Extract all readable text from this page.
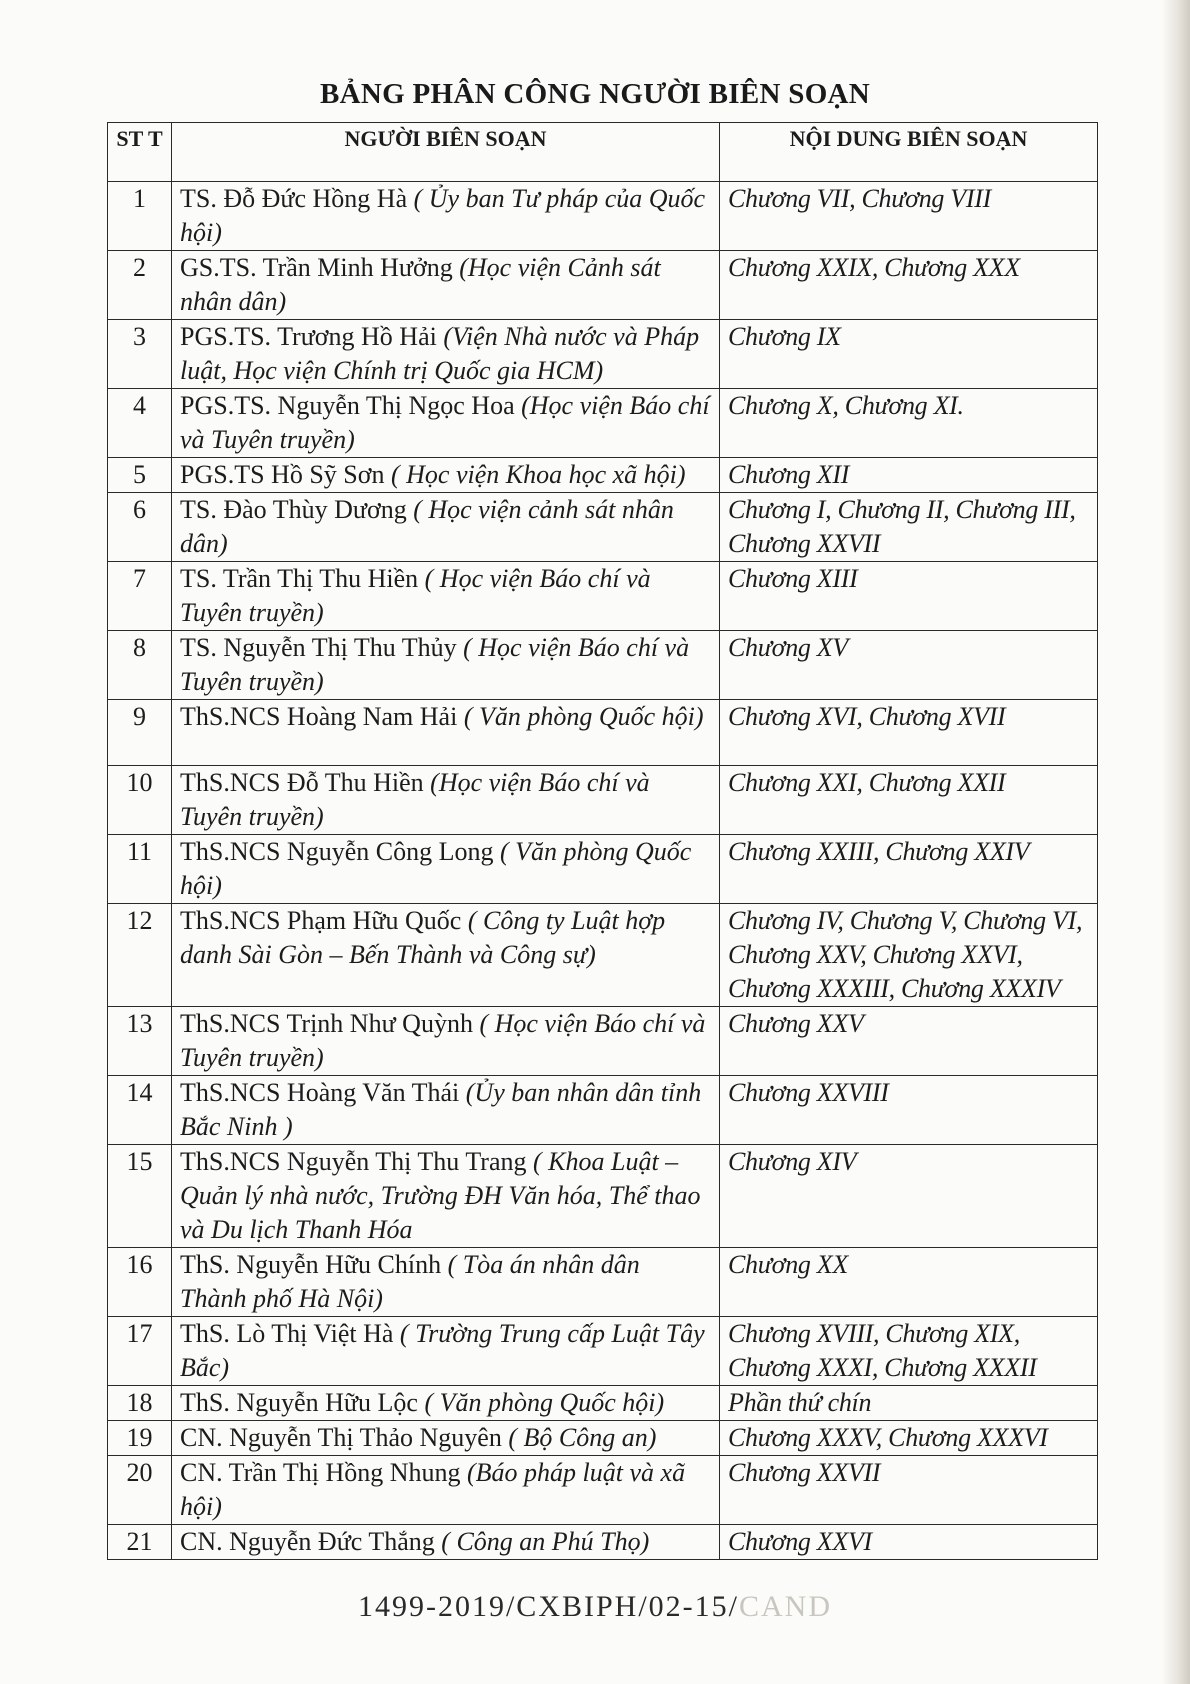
BẢNG PHÂN CÔNG NGƯỜI BIÊN SOẠN
ST T	NGƯỜI BIÊN SOẠN	NỘI DUNG BIÊN SOẠN
1	TS. Đỗ Đức Hồng Hà ( Ủy ban Tư pháp của Quốc hội)	Chương VII, Chương VIII
2	GS.TS. Trần Minh Hưởng (Học viện Cảnh sát nhân dân)	Chương XXIX, Chương XXX
3	PGS.TS. Trương Hồ Hải (Viện Nhà nước và Pháp luật, Học viện Chính trị Quốc gia HCM)	Chương IX
4	PGS.TS. Nguyễn Thị Ngọc Hoa (Học viện Báo chí và Tuyên truyền)	Chương X, Chương XI.
5	PGS.TS Hồ Sỹ Sơn ( Học viện Khoa học xã hội)	Chương XII
6	TS. Đào Thùy Dương ( Học viện cảnh sát nhân dân)	Chương I, Chương II, Chương III, Chương XXVII
7	TS. Trần Thị Thu Hiền ( Học viện Báo chí và Tuyên truyền)	Chương XIII
8	TS. Nguyễn Thị Thu Thủy ( Học viện Báo chí và Tuyên truyền)	Chương XV
9	ThS.NCS Hoàng Nam Hải ( Văn phòng Quốc hội)	Chương XVI, Chương XVII
10	ThS.NCS Đỗ Thu Hiền (Học viện Báo chí và Tuyên truyền)	Chương XXI, Chương XXII
11	ThS.NCS Nguyễn Công Long ( Văn phòng Quốc hội)	Chương XXIII, Chương XXIV
12	ThS.NCS Phạm Hữu Quốc ( Công ty Luật hợp danh Sài Gòn – Bến Thành và Công sự)	Chương IV, Chương V, Chương VI, Chương XXV, Chương XXVI, Chương XXXIII, Chương XXXIV
13	ThS.NCS Trịnh Như Quỳnh ( Học viện Báo chí và Tuyên truyền)	Chương XXV
14	ThS.NCS Hoàng Văn Thái (Ủy ban nhân dân tỉnh Bắc Ninh )	Chương XXVIII
15	ThS.NCS Nguyễn Thị Thu Trang ( Khoa Luật – Quản lý nhà nước, Trường ĐH Văn hóa, Thể thao và Du lịch Thanh Hóa	Chương XIV
16	ThS. Nguyễn Hữu Chính ( Tòa án nhân dân Thành phố Hà Nội)	Chương XX
17	ThS. Lò Thị Việt Hà ( Trường Trung cấp Luật Tây Bắc)	Chương XVIII, Chương XIX, Chương XXXI, Chương XXXII
18	ThS. Nguyễn Hữu Lộc ( Văn phòng Quốc hội)	Phần thứ chín
19	CN. Nguyễn Thị Thảo Nguyên ( Bộ Công an)	Chương XXXV, Chương XXXVI
20	CN. Trần Thị Hồng Nhung (Báo pháp luật và xã hội)	Chương XXVII
21	CN. Nguyễn Đức Thắng ( Công an Phú Thọ)	Chương XXVI
1499-2019/CXBIPH/02-15/CAND
